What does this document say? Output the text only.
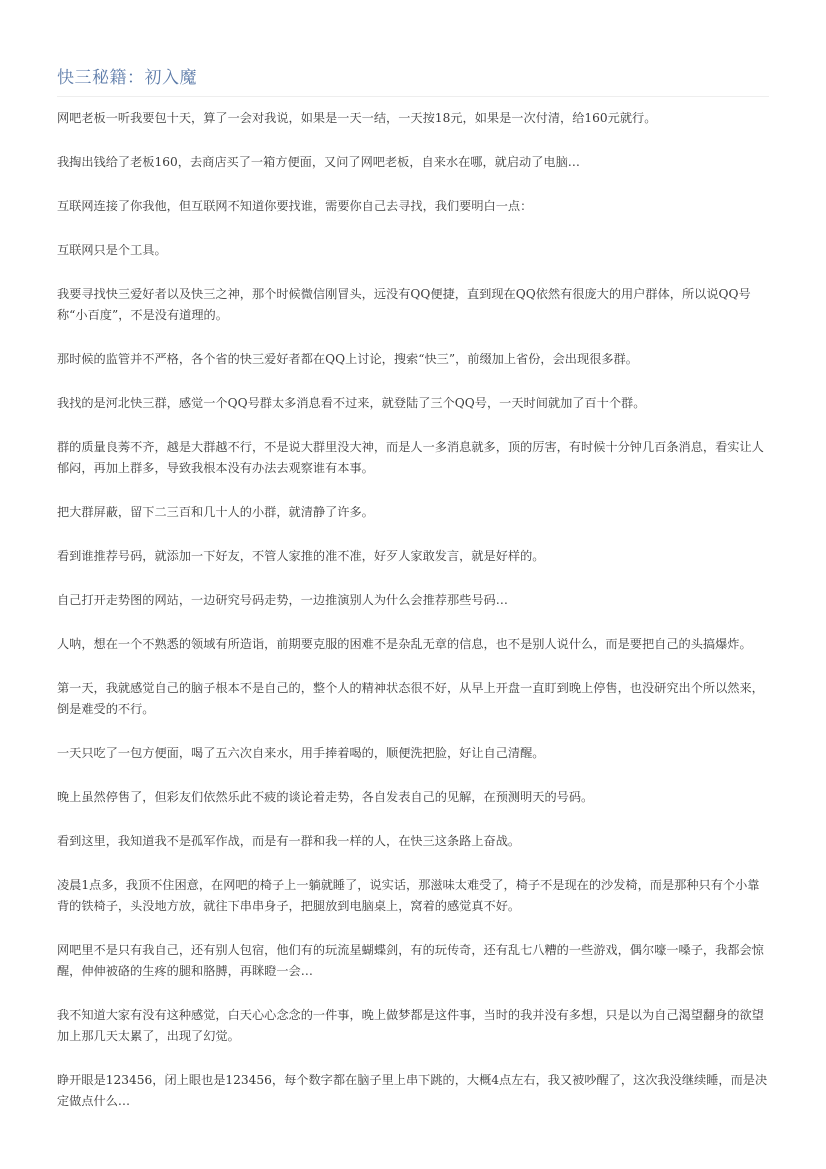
快三秘籍：初入魔

网吧老板一听我要包十天，算了一会对我说，如果是一天一结，一天按18元，如果是一次付清，给160元就行。

我掏出钱给了老板160，去商店买了一箱方便面，又问了网吧老板，自来水在哪，就启动了电脑…

互联网连接了你我他，但互联网不知道你要找谁，需要你自己去寻找，我们要明白一点：

互联网只是个工具。

我要寻找快三爱好者以及快三之神，那个时候微信刚冒头，远没有QQ便捷，直到现在QQ依然有很庞大的用户群体，所以说QQ号称“小百度”，不是没有道理的。

那时候的监管并不严格，各个省的快三爱好者都在QQ上讨论，搜索“快三”，前缀加上省份，会出现很多群。

我找的是河北快三群，感觉一个QQ号群太多消息看不过来，就登陆了三个QQ号，一天时间就加了百十个群。

群的质量良莠不齐，越是大群越不行，不是说大群里没大神，而是人一多消息就多，顶的厉害，有时候十分钟几百条消息，看实让人郁闷，再加上群多，导致我根本没有办法去观察谁有本事。

把大群屏蔽，留下二三百和几十人的小群，就清静了许多。

看到谁推荐号码，就添加一下好友，不管人家推的准不准，好歹人家敢发言，就是好样的。

自己打开走势图的网站，一边研究号码走势，一边推演别人为什么会推荐那些号码…

人呐，想在一个不熟悉的领域有所造诣，前期要克服的困难不是杂乱无章的信息，也不是别人说什么，而是要把自己的头搞爆炸。

第一天，我就感觉自己的脑子根本不是自己的，整个人的精神状态很不好，从早上开盘一直盯到晚上停售，也没研究出个所以然来，倒是难受的不行。

一天只吃了一包方便面，喝了五六次自来水，用手捧着喝的，顺便洗把脸，好让自己清醒。

晚上虽然停售了，但彩友们依然乐此不疲的谈论着走势，各自发表自己的见解，在预测明天的号码。

看到这里，我知道我不是孤军作战，而是有一群和我一样的人，在快三这条路上奋战。

凌晨1点多，我顶不住困意，在网吧的椅子上一躺就睡了，说实话，那滋味太难受了，椅子不是现在的沙发椅，而是那种只有个小靠背的铁椅子，头没地方放，就往下串串身子，把腿放到电脑桌上，窝着的感觉真不好。

网吧里不是只有我自己，还有别人包宿，他们有的玩流星蝴蝶剑，有的玩传奇，还有乱七八糟的一些游戏，偶尔嚎一嗓子，我都会惊醒，伸伸被硌的生疼的腿和胳膊，再眯瞪一会…

我不知道大家有没有这种感觉，白天心心念念的一件事，晚上做梦都是这件事，当时的我并没有多想，只是以为自己渴望翻身的欲望加上那几天太累了，出现了幻觉。

睁开眼是123456，闭上眼也是123456，每个数字都在脑子里上串下跳的，大概4点左右，我又被吵醒了，这次我没继续睡，而是决定做点什么…
